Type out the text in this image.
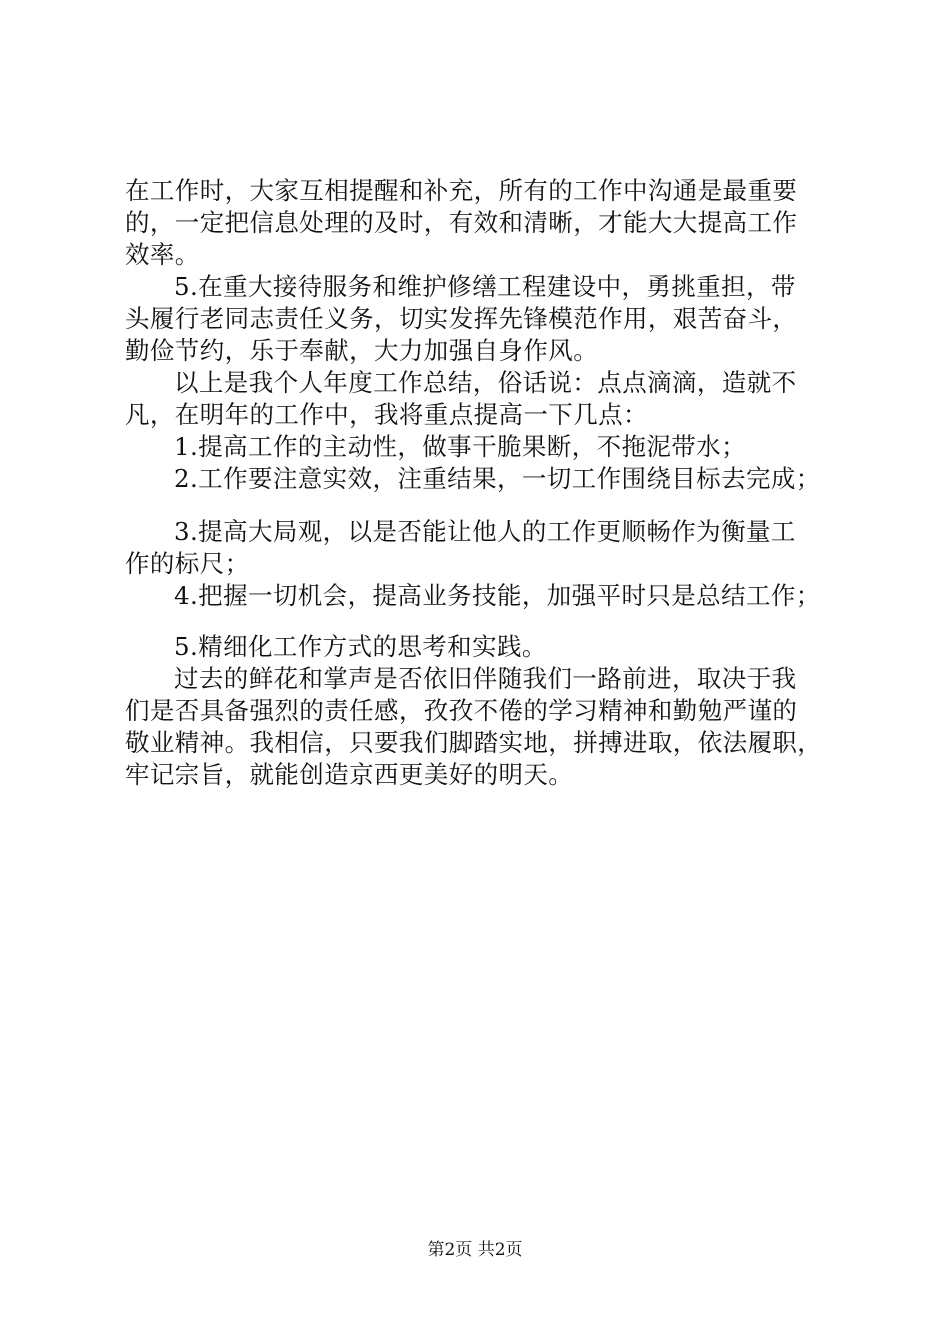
在工作时，大家互相提醒和补充，所有的工作中沟通是最重要
的，一定把信息处理的及时，有效和清晰，才能大大提高工作
效率。
5.在重大接待服务和维护修缮工程建设中，勇挑重担，带
头履行老同志责任义务，切实发挥先锋模范作用，艰苦奋斗，
勤俭节约，乐于奉献，大力加强自身作风。
以上是我个人年度工作总结，俗话说：点点滴滴，造就不
凡，在明年的工作中，我将重点提高一下几点：
1.提高工作的主动性，做事干脆果断，不拖泥带水；
2.工作要注意实效，注重结果，一切工作围绕目标去完成；
3.提高大局观，以是否能让他人的工作更顺畅作为衡量工
作的标尺；
4.把握一切机会，提高业务技能，加强平时只是总结工作；
5.精细化工作方式的思考和实践。
过去的鲜花和掌声是否依旧伴随我们一路前进，取决于我
们是否具备强烈的责任感，孜孜不倦的学习精神和勤勉严谨的
敬业精神。我相信，只要我们脚踏实地，拼搏进取，依法履职，
牢记宗旨，就能创造京西更美好的明天。
第2页 共2页
